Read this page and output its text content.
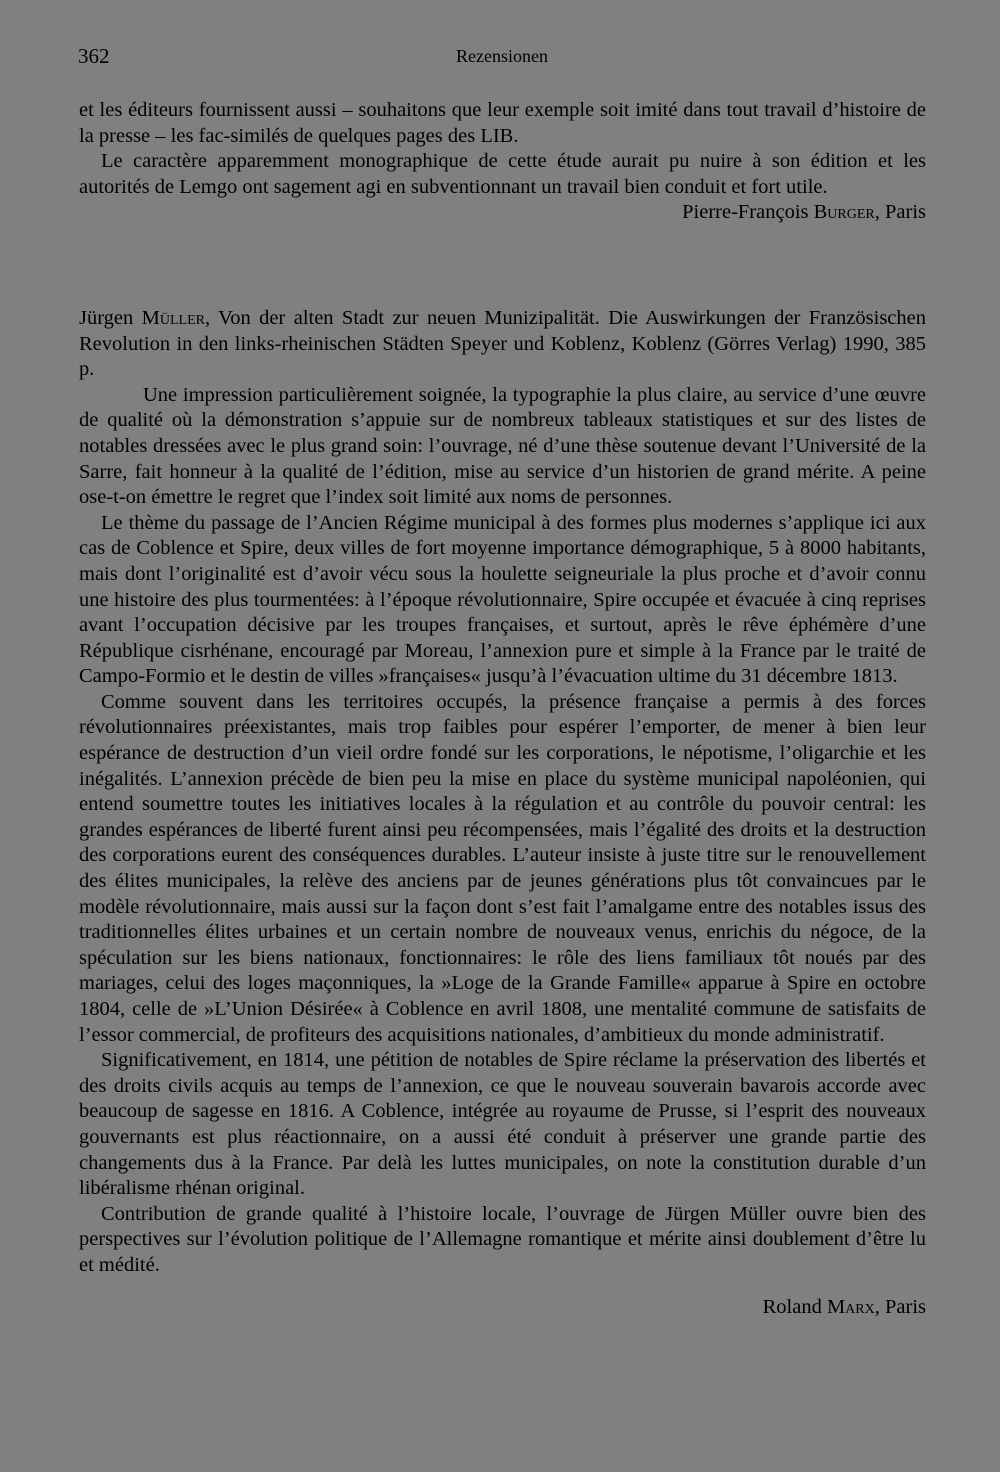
362	Rezensionen

et les éditeurs fournissent aussi – souhaitons que leur exemple soit imité dans tout travail d’histoire de la presse – les fac-similés de quelques pages des LIB.

Le caractère apparemment monographique de cette étude aurait pu nuire à son édition et les autorités de Lemgo ont sagement agi en subventionnant un travail bien conduit et fort utile.

Pierre-François Burger, Paris

Jürgen Müller, Von der alten Stadt zur neuen Munizipalität. Die Auswirkungen der Französischen Revolution in den links-rheinischen Städten Speyer und Koblenz, Koblenz (Görres Verlag) 1990, 385 p.

Une impression particulièrement soignée, la typographie la plus claire, au service d’une œuvre de qualité où la démonstration s’appuie sur de nombreux tableaux statistiques et sur des listes de notables dressées avec le plus grand soin: l’ouvrage, né d’une thèse soutenue devant l’Université de la Sarre, fait honneur à la qualité de l’édition, mise au service d’un historien de grand mérite. A peine ose-t-on émettre le regret que l’index soit limité aux noms de personnes.

Le thème du passage de l’Ancien Régime municipal à des formes plus modernes s’applique ici aux cas de Coblence et Spire, deux villes de fort moyenne importance démographique, 5 à 8000 habitants, mais dont l’originalité est d’avoir vécu sous la houlette seigneuriale la plus proche et d’avoir connu une histoire des plus tourmentées: à l’époque révolutionnaire, Spire occupée et évacuée à cinq reprises avant l’occupation décisive par les troupes françaises, et surtout, après le rêve éphémère d’une République cisrhénane, encouragé par Moreau, l’annexion pure et simple à la France par le traité de Campo-Formio et le destin de villes »françaises« jusqu’à l’évacuation ultime du 31 décembre 1813.

Comme souvent dans les territoires occupés, la présence française a permis à des forces révolutionnaires préexistantes, mais trop faibles pour espérer l’emporter, de mener à bien leur espérance de destruction d’un vieil ordre fondé sur les corporations, le népotisme, l’oligarchie et les inégalités. L’annexion précède de bien peu la mise en place du système municipal napoléonien, qui entend soumettre toutes les initiatives locales à la régulation et au contrôle du pouvoir central: les grandes espérances de liberté furent ainsi peu récompensées, mais l’égalité des droits et la destruction des corporations eurent des conséquences durables. L’auteur insiste à juste titre sur le renouvellement des élites municipales, la relève des anciens par de jeunes générations plus tôt convaincues par le modèle révolutionnaire, mais aussi sur la façon dont s’est fait l’amalgame entre des notables issus des traditionnelles élites urbaines et un certain nombre de nouveaux venus, enrichis du négoce, de la spéculation sur les biens nationaux, fonctionnaires: le rôle des liens familiaux tôt noués par des mariages, celui des loges maçonniques, la »Loge de la Grande Famille« apparue à Spire en octobre 1804, celle de »L’Union Désirée« à Coblence en avril 1808, une mentalité commune de satisfaits de l’essor commercial, de profiteurs des acquisitions nationales, d’ambitieux du monde administratif.

Significativement, en 1814, une pétition de notables de Spire réclame la préservation des libertés et des droits civils acquis au temps de l’annexion, ce que le nouveau souverain bavarois accorde avec beaucoup de sagesse en 1816. A Coblence, intégrée au royaume de Prusse, si l’esprit des nouveaux gouvernants est plus réactionnaire, on a aussi été conduit à préserver une grande partie des changements dus à la France. Par delà les luttes municipales, on note la constitution durable d’un libéralisme rhénan original.

Contribution de grande qualité à l’histoire locale, l’ouvrage de Jürgen Müller ouvre bien des perspectives sur l’évolution politique de l’Allemagne romantique et mérite ainsi doublement d’être lu et médité.

Roland Marx, Paris
